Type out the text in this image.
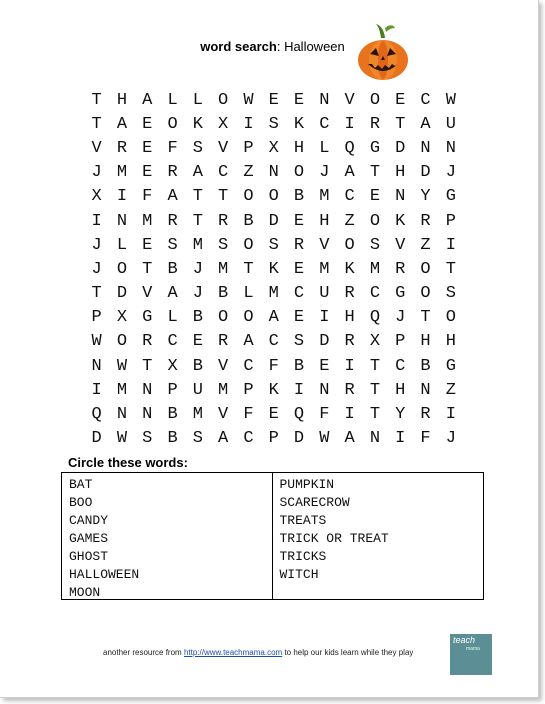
word search: Halloween
T H A L L O W E E N V O E C W
T A E O K X I S K C I R T A U
V R E F S V P X H L Q G D N N
J M E R A C Z N O J A T H D J
X I F A T T O O B M C E N Y G
I N M R T R B D E H Z O K R P
J L E S M S O S R V O S V Z I
J O T B J M T K E M K M R O T
T D V A J B L M C U R C G O S
P X G L B O O A E I H Q J T O
W O R C E R A C S D R X P H H
N W T X B V C F B E I T C B G
I M N P U M P K I N R T H N Z
Q N N B M V F E Q F I T Y R I
D W S B S A C P D W A N I F J
Circle these words:
BAT
BOO
CANDY
GAMES
GHOST
HALLOWEEN
MOON
PUMPKIN
SCARECROW
TREATS
TRICK OR TREAT
TRICKS
WITCH
another resource from http://www.teachmama.com to help our kids learn while they play
teach
mama
